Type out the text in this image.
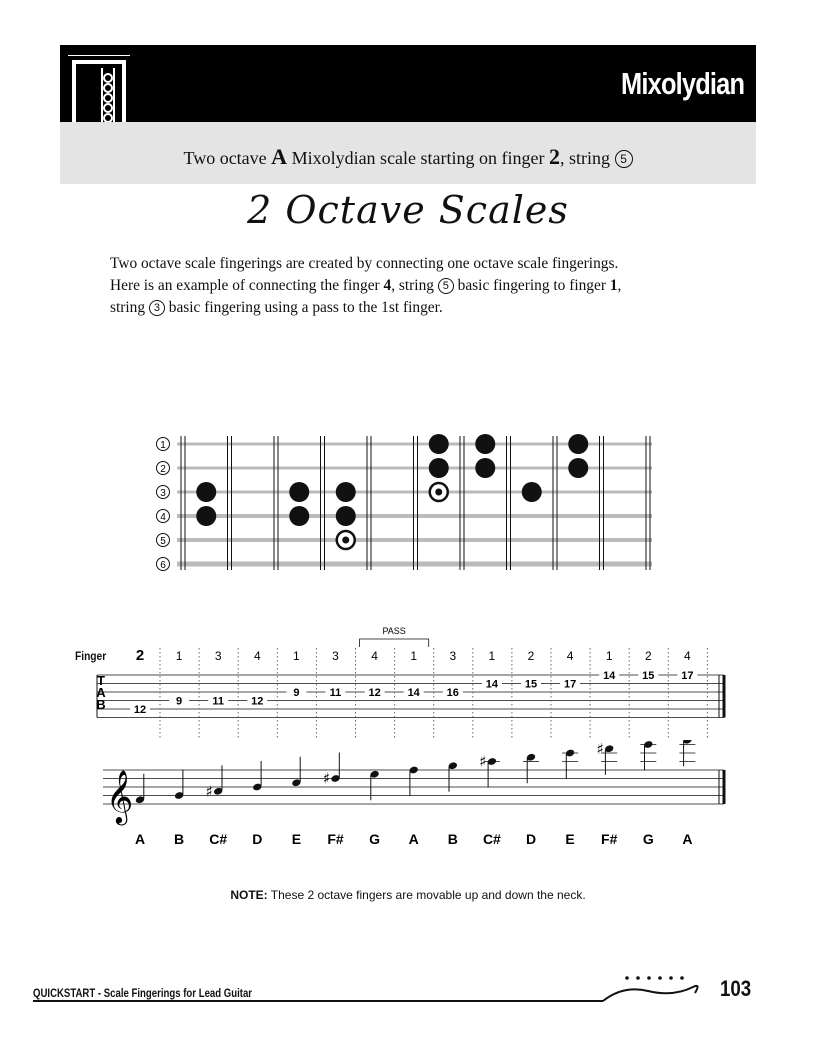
Mixolydian
Two octave A Mixolydian scale starting on finger 2, string 5
2 Octave Scales
Two octave scale fingerings are created by connecting one octave scale fingerings.
Here is an example of connecting the finger 4, string 5 basic fingering to finger 1,
string 3 basic fingering using a pass to the 1st finger.
1
2
3
4
5
6
T
A
B
2
12
1
9
3
11
4
12
1
9
3
11
4
12
1
14
3
16
1
14
2
15
4
17
1
14
2
15
4
17
PASS
Finger
𝄞
A B
♯
C# D E
♯
F# G A B
♯
C# D E
♯
F# G A
NOTE: These 2 octave fingers are movable up and down the neck.
QUICKSTART - Scale Fingerings for Lead Guitar	103
